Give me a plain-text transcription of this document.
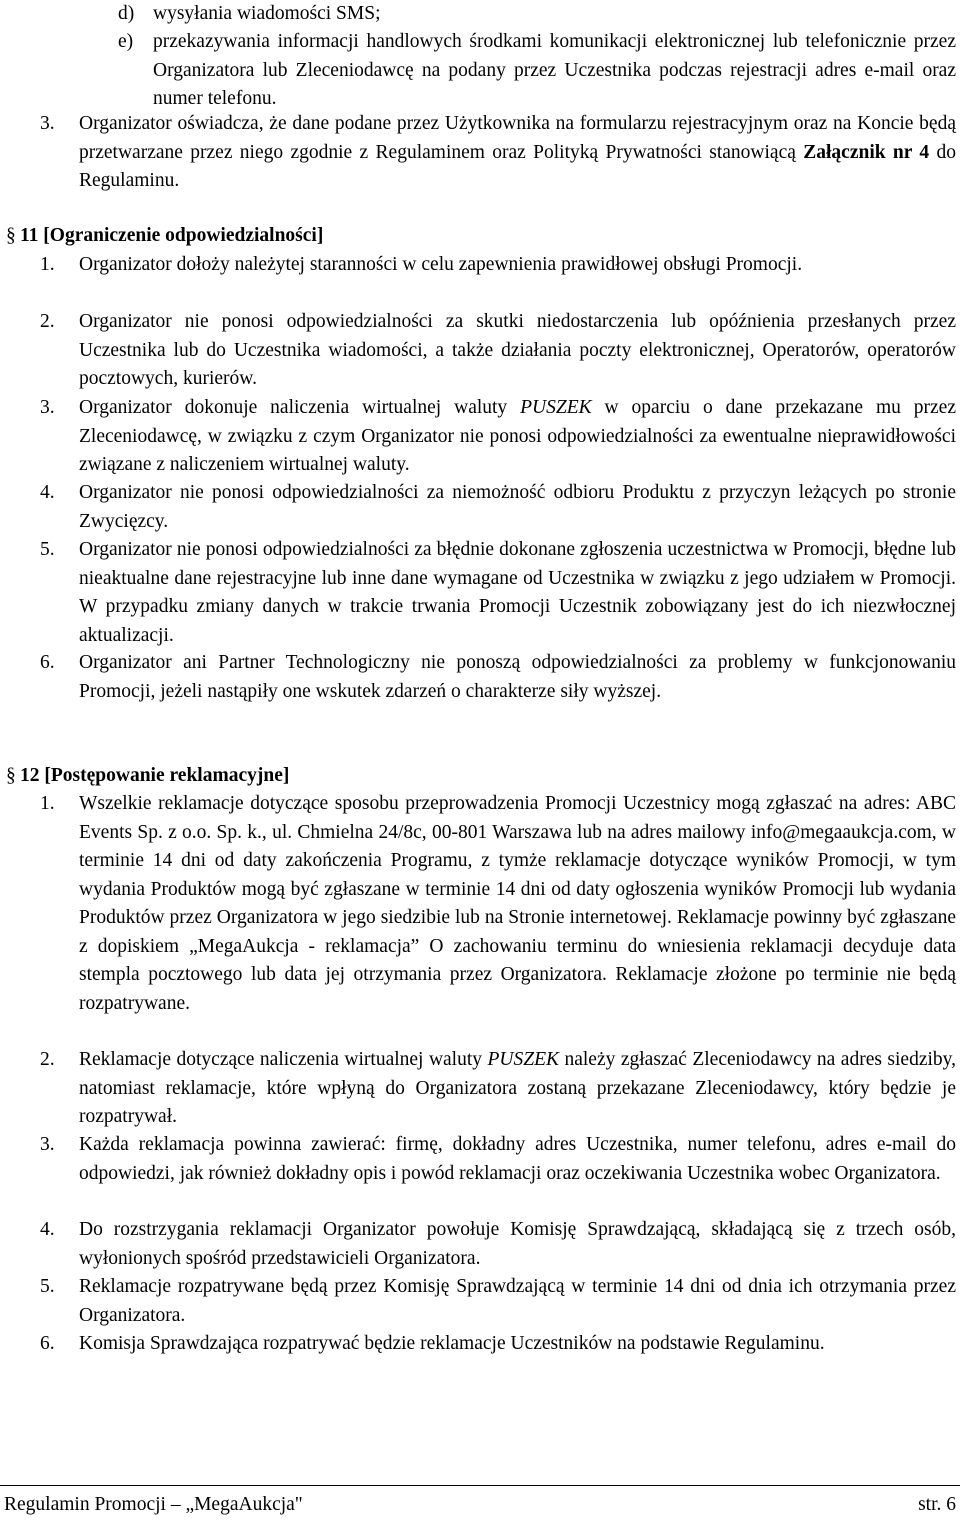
d) wysyłania wiadomości SMS;
e) przekazywania informacji handlowych środkami komunikacji elektronicznej lub telefonicznie przez Organizatora lub Zleceniodawcę na podany przez Uczestnika podczas rejestracji adres e-mail oraz numer telefonu.
3. Organizator oświadcza, że dane podane przez Użytkownika na formularzu rejestracyjnym oraz na Koncie będą przetwarzane przez niego zgodnie z Regulaminem oraz Polityką Prywatności stanowiącą Załącznik nr 4 do Regulaminu.
§ 11 [Ograniczenie odpowiedzialności]
1. Organizator dołoży należytej staranności w celu zapewnienia prawidłowej obsługi Promocji.
2. Organizator nie ponosi odpowiedzialności za skutki niedostarczenia lub opóźnienia przesłanych przez Uczestnika lub do Uczestnika wiadomości, a także działania poczty elektronicznej, Operatorów, operatorów pocztowych, kurierów.
3. Organizator dokonuje naliczenia wirtualnej waluty PUSZEK w oparciu o dane przekazane mu przez Zleceniodawcę, w związku z czym Organizator nie ponosi odpowiedzialności za ewentualne nieprawidłowości związane z naliczeniem wirtualnej waluty.
4. Organizator nie ponosi odpowiedzialności za niemożność odbioru Produktu z przyczyn leżących po stronie Zwycięzcy.
5. Organizator nie ponosi odpowiedzialności za błędnie dokonane zgłoszenia uczestnictwa w Promocji, błędne lub nieaktualne dane rejestracyjne lub inne dane wymagane od Uczestnika w związku z jego udziałem w Promocji. W przypadku zmiany danych w trakcie trwania Promocji Uczestnik zobowiązany jest do ich niezwłocznej aktualizacji.
6. Organizator ani Partner Technologiczny nie ponoszą odpowiedzialności za problemy w funkcjonowaniu Promocji, jeżeli nastąpiły one wskutek zdarzeń o charakterze siły wyższej.
§ 12 [Postępowanie reklamacyjne]
1. Wszelkie reklamacje dotyczące sposobu przeprowadzenia Promocji Uczestnicy mogą zgłaszać na adres: ABC Events Sp. z o.o. Sp. k., ul. Chmielna 24/8c, 00-801 Warszawa lub na adres mailowy info@megaaukcja.com, w terminie 14 dni od daty zakończenia Programu, z tymże reklamacje dotyczące wyników Promocji, w tym wydania Produktów mogą być zgłaszane w terminie 14 dni od daty ogłoszenia wyników Promocji lub wydania Produktów przez Organizatora w jego siedzibie lub na Stronie internetowej. Reklamacje powinny być zgłaszane z dopiskiem „MegaAukcja - reklamacja” O zachowaniu terminu do wniesienia reklamacji decyduje data stempla pocztowego lub data jej otrzymania przez Organizatora. Reklamacje złożone po terminie nie będą rozpatrywane.
2. Reklamacje dotyczące naliczenia wirtualnej waluty PUSZEK należy zgłaszać Zleceniodawcy na adres siedziby, natomiast reklamacje, które wpłyną do Organizatora zostaną przekazane Zleceniodawcy, który będzie je rozpatrywał.
3. Każda reklamacja powinna zawierać: firmę, dokładny adres Uczestnika, numer telefonu, adres e-mail do odpowiedzi, jak również dokładny opis i powód reklamacji oraz oczekiwania Uczestnika wobec Organizatora.
4. Do rozstrzygania reklamacji Organizator powołuje Komisję Sprawdzającą, składającą się z trzech osób, wyłonionych spośród przedstawicieli Organizatora.
5. Reklamacje rozpatrywane będą przez Komisję Sprawdzającą w terminie 14 dni od dnia ich otrzymania przez Organizatora.
6. Komisja Sprawdzająca rozpatrywać będzie reklamacje Uczestników na podstawie Regulaminu.
Regulamin Promocji – „MegaAukcja"	str. 6
